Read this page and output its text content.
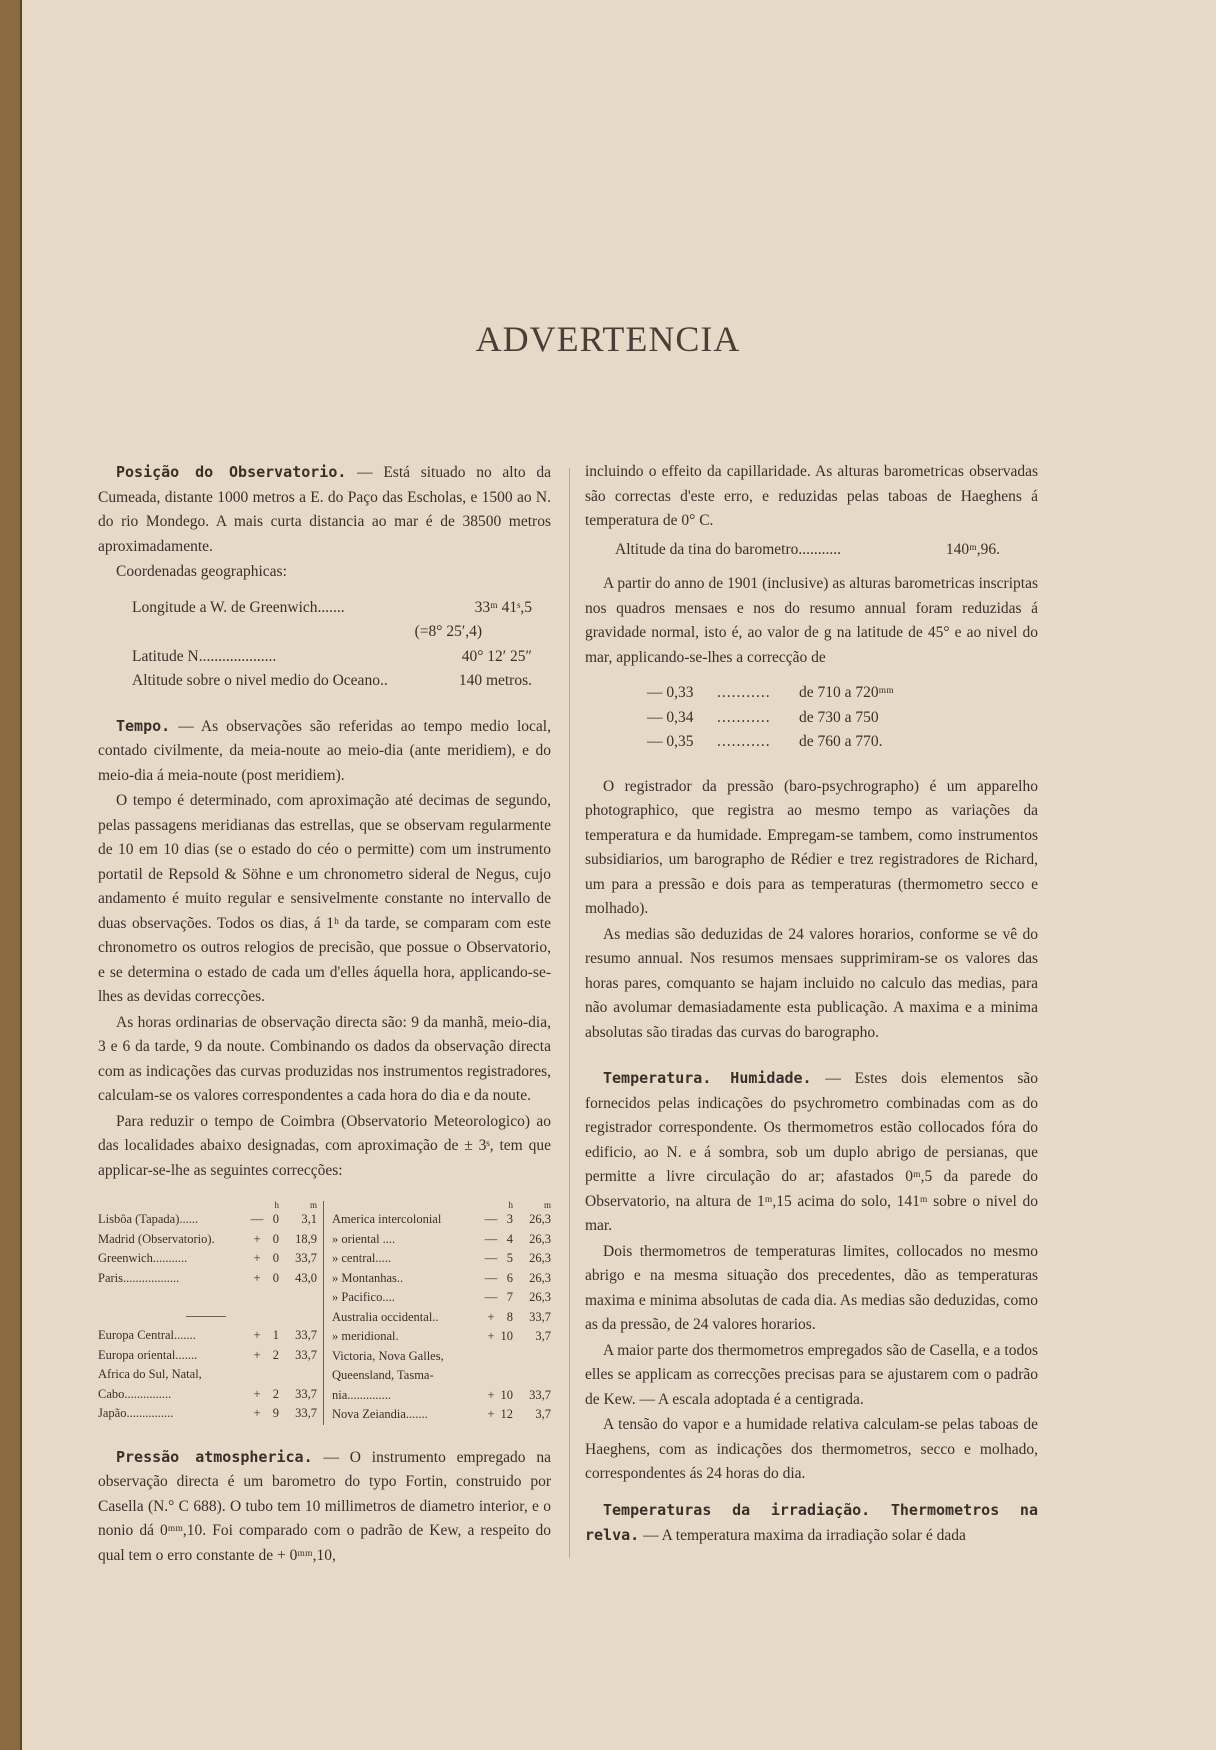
ADVERTENCIA

Posição do Observatorio. — Está situado no alto da Cumeada, distante 1000 metros a E. do Paço das Escholas, e 1500 ao N. do rio Mondego. A mais curta distancia ao mar é de 38500 metros aproximadamente.

Coordenadas geographicas:

Longitude a W. de Greenwich.......	33ᵐ 41ˢ,5
(=8° 25′,4)
Latitude N....................	40° 12′ 25″
Altitude sobre o nivel medio do Oceano..	140 metros.

Tempo. — As observações são referidas ao tempo medio local, contado civilmente, da meia-noute ao meio-dia (ante meridiem), e do meio-dia á meia-noute (post meridiem).

O tempo é determinado, com aproximação até decimas de segundo, pelas passagens meridianas das estrellas, que se observam regularmente de 10 em 10 dias (se o estado do céo o permitte) com um instrumento portatil de Repsold & Söhne e um chronometro sideral de Negus, cujo andamento é muito regular e sensivelmente constante no intervallo de duas observações. Todos os dias, á 1ʰ da tarde, se comparam com este chronometro os outros relogios de precisão, que possue o Observatorio, e se determina o estado de cada um d'elles áquella hora, applicando-se-lhes as devidas correcções.

As horas ordinarias de observação directa são: 9 da manhã, meio-dia, 3 e 6 da tarde, 9 da noute. Combinando os dados da observação directa com as indicações das curvas produzidas nos instrumentos registradores, calculam-se os valores correspondentes a cada hora do dia e da noute.

Para reduzir o tempo de Coimbra (Observatorio Meteorologico) ao das localidades abaixo designadas, com aproximação de ± 3ˢ, tem que applicar-se-lhe as seguintes correcções:

h	m
Lisbôa (Tapada)......	— 0	3,1
Madrid (Observatorio).	+ 0	18,9
Greenwich...........	+ 0	33,7
Paris..................	+ 0	43,0
Europa Central.......	+ 1	33,7
Europa oriental.......	+ 2	33,7
Africa do Sul, Natal,
Cabo...............	+ 2	33,7
Japão...............	+ 9	33,7
h	m
America intercolonial	— 3	26,3
» oriental ....	— 4	26,3
» central.....	— 5	26,3
» Montanhas..	— 6	26,3
» Pacifico....	— 7	26,3
Australia occidental..	+ 8	33,7
» meridional.	+ 10	3,7
Victoria, Nova Galles,
Queensland, Tasma-
nia..............	+ 10	33,7
Nova Zeiandia.......	+ 12	3,7

Pressão atmospherica. — O instrumento empregado na observação directa é um barometro do typo Fortin, construido por Casella (N.° C 688). O tubo tem 10 millimetros de diametro interior, e o nonio dá 0ᵐᵐ,10. Foi comparado com o padrão de Kew, a respeito do qual tem o erro constante de + 0ᵐᵐ,10,

incluindo o effeito da capillaridade. As alturas barometricas observadas são correctas d'este erro, e reduzidas pelas taboas de Haeghens á temperatura de 0° C.

Altitude da tina do barometro...........	140ᵐ,96.

A partir do anno de 1901 (inclusive) as alturas barometricas inscriptas nos quadros mensaes e nos do resumo annual foram reduzidas á gravidade normal, isto é, ao valor de g na latitude de 45° e ao nivel do mar, applicando-se-lhes a correcção de

— 0,33	...........	de 710 a 720ᵐᵐ
— 0,34	...........	de 730 a 750
— 0,35	...........	de 760 a 770.

O registrador da pressão (baro-psychrographo) é um apparelho photographico, que registra ao mesmo tempo as variações da temperatura e da humidade. Empregam-se tambem, como instrumentos subsidiarios, um barographo de Rédier e trez registradores de Richard, um para a pressão e dois para as temperaturas (thermometro secco e molhado).

As medias são deduzidas de 24 valores horarios, conforme se vê do resumo annual. Nos resumos mensaes supprimiram-se os valores das horas pares, comquanto se hajam incluido no calculo das medias, para não avolumar demasiadamente esta publicação. A maxima e a minima absolutas são tiradas das curvas do barographo.

Temperatura. Humidade. — Estes dois elementos são fornecidos pelas indicações do psychrometro combinadas com as do registrador correspondente. Os thermometros estão collocados fóra do edificio, ao N. e á sombra, sob um duplo abrigo de persianas, que permitte a livre circulação do ar; afastados 0ᵐ,5 da parede do Observatorio, na altura de 1ᵐ,15 acima do solo, 141ᵐ sobre o nivel do mar.

Dois thermometros de temperaturas limites, collocados no mesmo abrigo e na mesma situação dos precedentes, dão as temperaturas maxima e minima absolutas de cada dia. As medias são deduzidas, como as da pressão, de 24 valores horarios.

A maior parte dos thermometros empregados são de Casella, e a todos elles se applicam as correcções precisas para se ajustarem com o padrão de Kew. — A escala adoptada é a centigrada.

A tensão do vapor e a humidade relativa calculam-se pelas taboas de Haeghens, com as indicações dos thermometros, secco e molhado, correspondentes ás 24 horas do dia.

Temperaturas da irradiação. Thermometros na relva. — A temperatura maxima da irradiação solar é dada
